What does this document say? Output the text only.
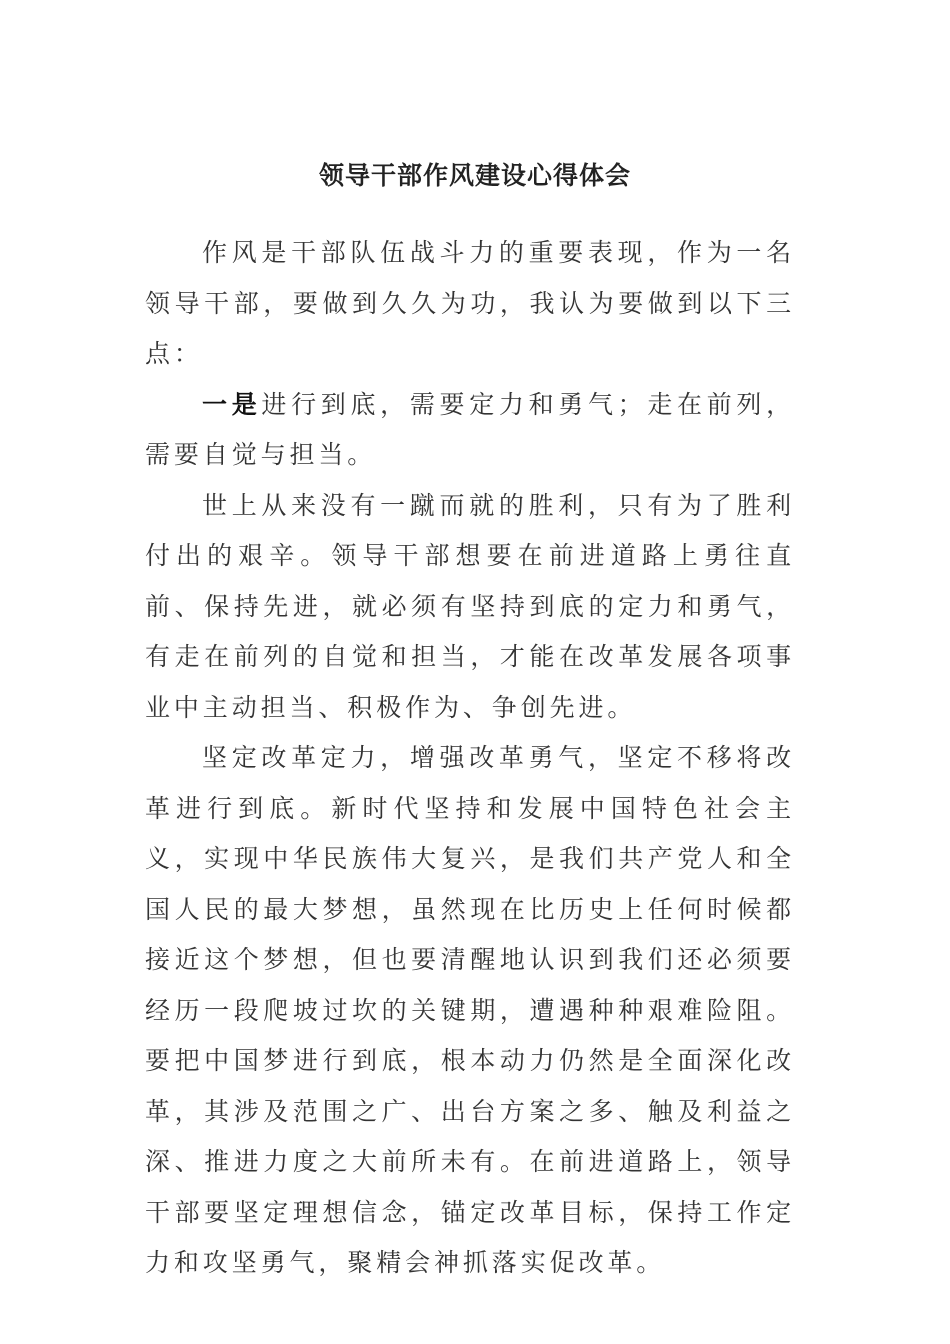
领导干部作风建设心得体会

作风是干部队伍战斗力的重要表现，作为一名领导干部，要做到久久为功，我认为要做到以下三点：

一是进行到底，需要定力和勇气；走在前列，需要自觉与担当。

世上从来没有一蹴而就的胜利，只有为了胜利付出的艰辛。领导干部想要在前进道路上勇往直前、保持先进，就必须有坚持到底的定力和勇气，有走在前列的自觉和担当，才能在改革发展各项事业中主动担当、积极作为、争创先进。

坚定改革定力，增强改革勇气，坚定不移将改革进行到底。新时代坚持和发展中国特色社会主义，实现中华民族伟大复兴，是我们共产党人和全国人民的最大梦想，虽然现在比历史上任何时候都接近这个梦想，但也要清醒地认识到我们还必须要经历一段爬坡过坎的关键期，遭遇种种艰难险阻。要把中国梦进行到底，根本动力仍然是全面深化改革，其涉及范围之广、出台方案之多、触及利益之深、推进力度之大前所未有。在前进道路上，领导干部要坚定理想信念，锚定改革目标，保持工作定力和攻坚勇气，聚精会神抓落实促改革。
